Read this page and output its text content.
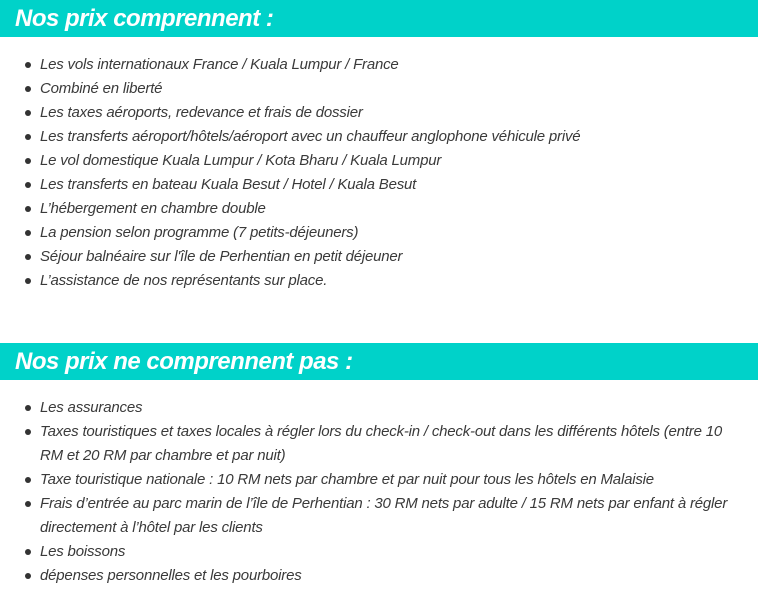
Nos prix comprennent :
Les vols internationaux France / Kuala Lumpur / France
Combiné en liberté
Les taxes aéroports, redevance et frais de dossier
Les transferts aéroport/hôtels/aéroport avec un chauffeur anglophone véhicule privé
Le vol domestique Kuala Lumpur / Kota Bharu / Kuala Lumpur
Les transferts en bateau Kuala Besut / Hotel / Kuala Besut
L’hébergement en chambre double
La pension selon programme (7 petits-déjeuners)
Séjour balnéaire sur l'île de Perhentian en petit déjeuner
L’assistance de nos représentants sur place.
Nos prix ne comprennent pas :
Les assurances
Taxes touristiques et taxes locales à régler lors du check-in / check-out dans les différents hôtels (entre 10 RM et 20 RM par chambre et par nuit)
Taxe touristique nationale : 10 RM nets par chambre et par nuit pour tous les hôtels en Malaisie
Frais d’entrée au parc marin de l’île de Perhentian : 30 RM nets par adulte / 15 RM nets par enfant à régler directement à l’hôtel par les clients
Les boissons
dépenses personnelles et les pourboires
